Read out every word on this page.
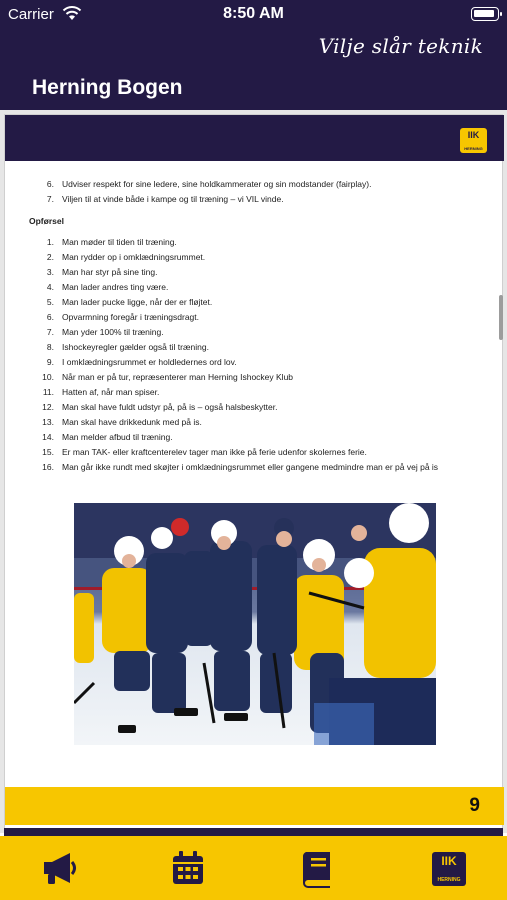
Carrier	8:50 AM
Vilje slår teknik
Herning Bogen
IIK
HERNING
6. Udviser respekt for sine ledere, sine holdkammerater og sin modstander (fairplay).
7. Viljen til at vinde både i kampe og til træning – vi VIL vinde.
Opførsel
1. Man møder til tiden til træning.
2. Man rydder op i omklædningsrummet.
3. Man har styr på sine ting.
4. Man lader andres ting være.
5. Man lader pucke ligge, når der er fløjtet.
6. Opvarmning foregår i træningsdragt.
7. Man yder 100% til træning.
8. Ishockeyregler gælder også til træning.
9. I omklædningsrummet er holdledernes ord lov.
10. Når man er på tur, repræsenterer man Herning Ishockey Klub
11. Hatten af, når man spiser.
12. Man skal have fuldt udstyr på, på is – også halsbeskytter.
13. Man skal have drikkedunk med på is.
14. Man melder afbud til træning.
15. Er man TAK- eller kraftcenterelev tager man ikke på ferie udenfor skolernes ferie.
16. Man går ikke rundt med skøjter i omklædningsrummet eller gangene medmindre man er på vej på is
9
IIK
HERNING
